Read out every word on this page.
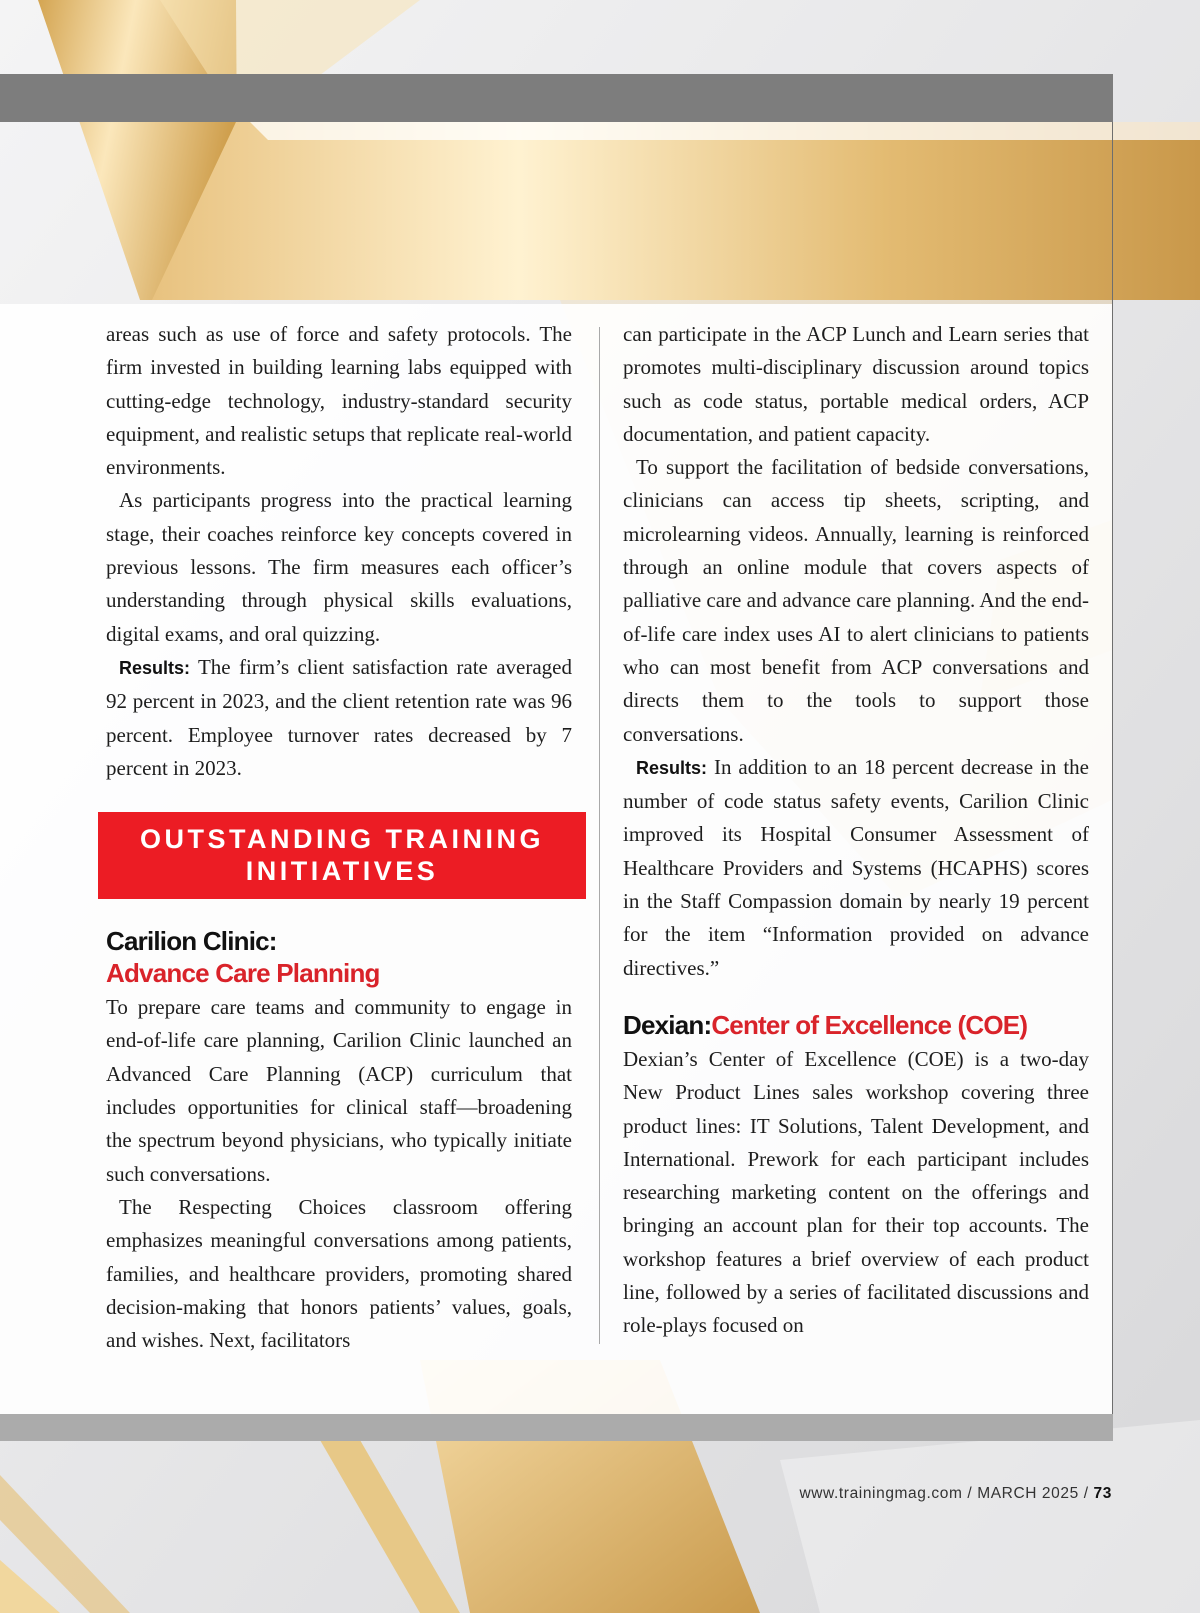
areas such as use of force and safety protocols. The firm invested in building learning labs equipped with cutting-edge technology, industry-standard security equipment, and realistic setups that replicate real-world environments.

As participants progress into the practical learning stage, their coaches reinforce key concepts covered in previous lessons. The firm measures each officer’s understanding through physical skills evaluations, digital exams, and oral quizzing.

Results: The firm’s client satisfaction rate averaged 92 percent in 2023, and the client retention rate was 96 percent. Employee turnover rates decreased by 7 percent in 2023.

OUTSTANDING TRAINING INITIATIVES
Carilion Clinic:
Advance Care Planning

To prepare care teams and community to engage in end-of-life care planning, Carilion Clinic launched an Advanced Care Planning (ACP) curriculum that includes opportunities for clinical staff—broadening the spectrum beyond physicians, who typically initiate such conversations.

The Respecting Choices classroom offering emphasizes meaningful conversations among patients, families, and healthcare providers, promoting shared decision-making that honors patients’ values, goals, and wishes. Next, facilitators

can participate in the ACP Lunch and Learn series that promotes multi-disciplinary discussion around topics such as code status, portable medical orders, ACP documentation, and patient capacity.

To support the facilitation of bedside conversations, clinicians can access tip sheets, scripting, and microlearning videos. Annually, learning is reinforced through an online module that covers aspects of palliative care and advance care planning. And the end-of-life care index uses AI to alert clinicians to patients who can most benefit from ACP conversations and directs them to the tools to support those conversations.

Results: In addition to an 18 percent decrease in the number of code status safety events, Carilion Clinic improved its Hospital Consumer Assessment of Healthcare Providers and Systems (HCAPHS) scores in the Staff Compassion domain by nearly 19 percent for the item “Information provided on advance directives.”

Dexian:Center of Excellence (COE)

Dexian’s Center of Excellence (COE) is a two-day New Product Lines sales workshop covering three product lines: IT Solutions, Talent Development, and International. Prework for each participant includes researching marketing content on the offerings and bringing an account plan for their top accounts. The workshop features a brief overview of each product line, followed by a series of facilitated discussions and role-plays focused on

www.trainingmag.com / MARCH 2025 / 73
